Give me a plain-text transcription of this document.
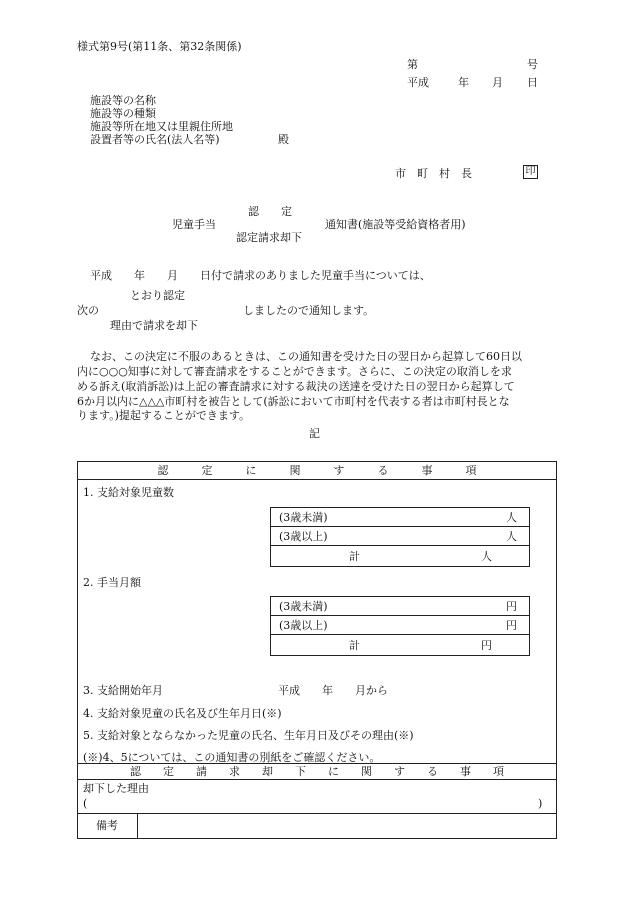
様式第9号(第11条、第32条関係)
第	号
平成	年 月 日
施設等の名称
施設等の種類
施設等所在地又は里親住所地
設置者等の氏名(法人名等)	殿
市　町　村　長	印
認　　定
児童手当	通知書(施設等受給資格者用)
認定請求却下
平成　　年　　月　　日付で請求のありました児童手当については、
とおり認定
次の	しましたので通知します。
理由で請求を却下
なお、この決定に不服のあるときは、この通知書を受けた日の翌日から起算して60日以
内に○○○知事に対して審査請求をすることができます。さらに、この決定の取消しを求
める訴え(取消訴訟)は上記の審査請求に対する裁決の送達を受けた日の翌日から起算して
6か月以内に△△△市町村を被告として(訴訟において市町村を代表する者は市町村長とな
ります。)提起することができます。
記
認　　　定　　　に　　　関　　　す　　　る　　　事　　　項
1. 支給対象児童数
(3歳未満)	人
(3歳以上)	人
計	人
2. 手当月額
(3歳未満)	円
(3歳以上)	円
計	円
3. 支給開始年月	平成　　年　　月から
4. 支給対象児童の氏名及び生年月日(※)
5. 支給対象とならなかった児童の氏名、生年月日及びその理由(※)
(※)4、5については、この通知書の別紙をご確認ください。
認　　定　　請　　求　　却　　下　　に　　関　　す　　る　　事　　項
却下した理由
(	)
備考
